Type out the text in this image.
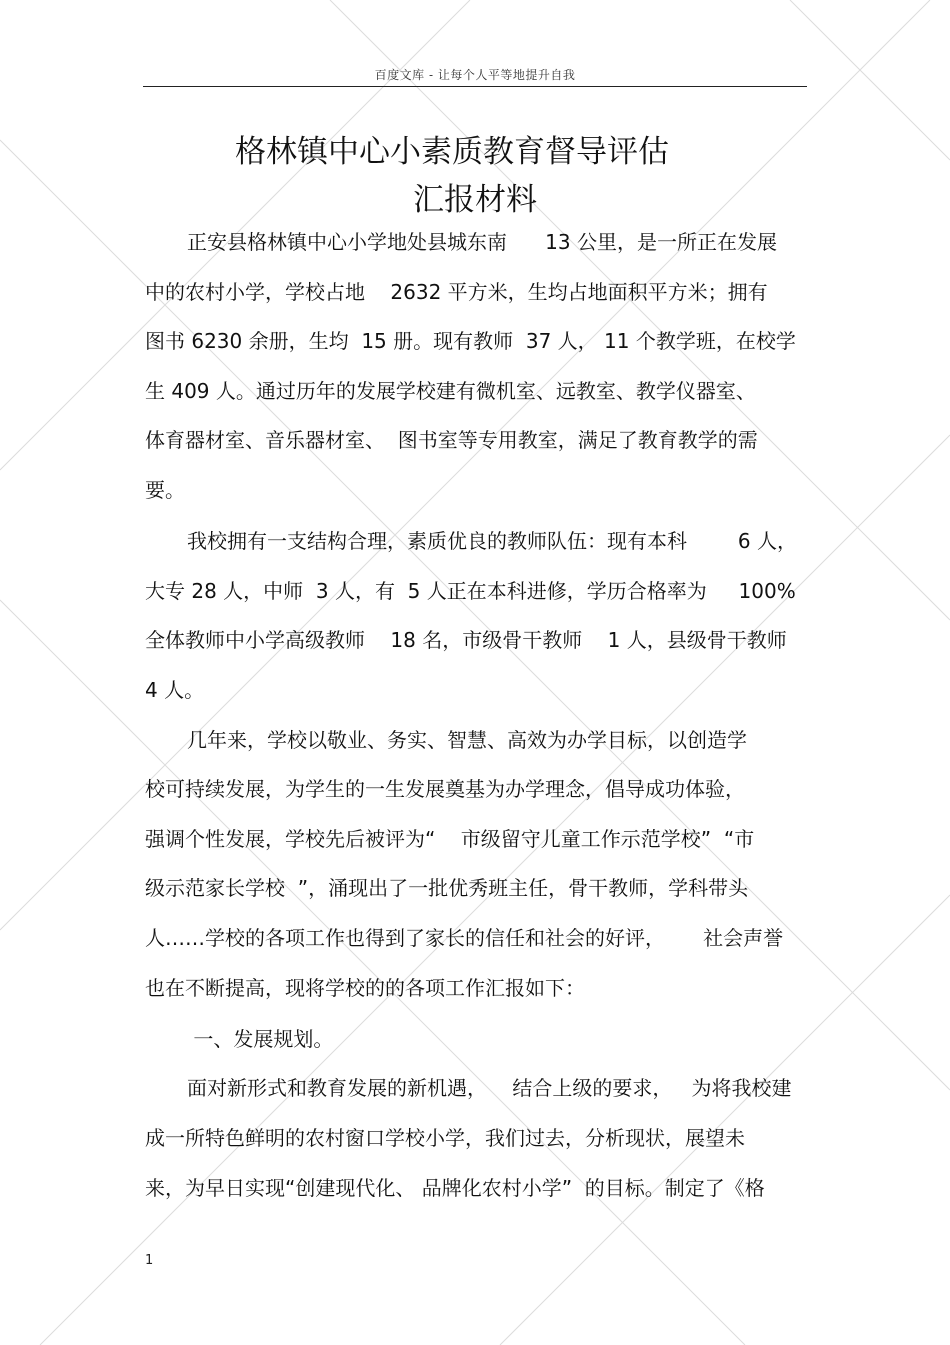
百度文库 - 让每个人平等地提升自我
格林镇中心小素质教育督导评估
汇报材料
正安县格林镇中心小学地处县城东南      13 公里，是一所正在发展
中的农村小学，学校占地    2632 平方米，生均占地面积平方米；拥有
图书 6230 余册，生均  15 册。现有教师  37 人， 11 个教学班，在校学
生 409 人。通过历年的发展学校建有微机室、远教室、教学仪器室、
体育器材室、音乐器材室、  图书室等专用教室，满足了教育教学的需
要。
我校拥有一支结构合理，素质优良的教师队伍：现有本科        6 人，
大专 28 人，中师  3 人，有  5 人正在本科进修，学历合格率为     100%
全体教师中小学高级教师    18 名，市级骨干教师    1 人，县级骨干教师
4 人。
几年来，学校以敬业、务实、智慧、高效为办学目标，以创造学
校可持续发展，为学生的一生发展奠基为办学理念，倡导成功体验，
强调个性发展，学校先后被评为“    市级留守儿童工作示范学校”  “市
级示范家长学校  ”，涌现出了一批优秀班主任，骨干教师，学科带头
人……学校的各项工作也得到了家长的信任和社会的好评，      社会声誉
也在不断提高，现将学校的的各项工作汇报如下：
一、发展规划。
面对新形式和教育发展的新机遇，    结合上级的要求，   为将我校建
成一所特色鲜明的农村窗口学校小学，我们过去，分析现状，展望未
来，为早日实现“创建现代化、 品牌化农村小学”  的目标。制定了《格
1
